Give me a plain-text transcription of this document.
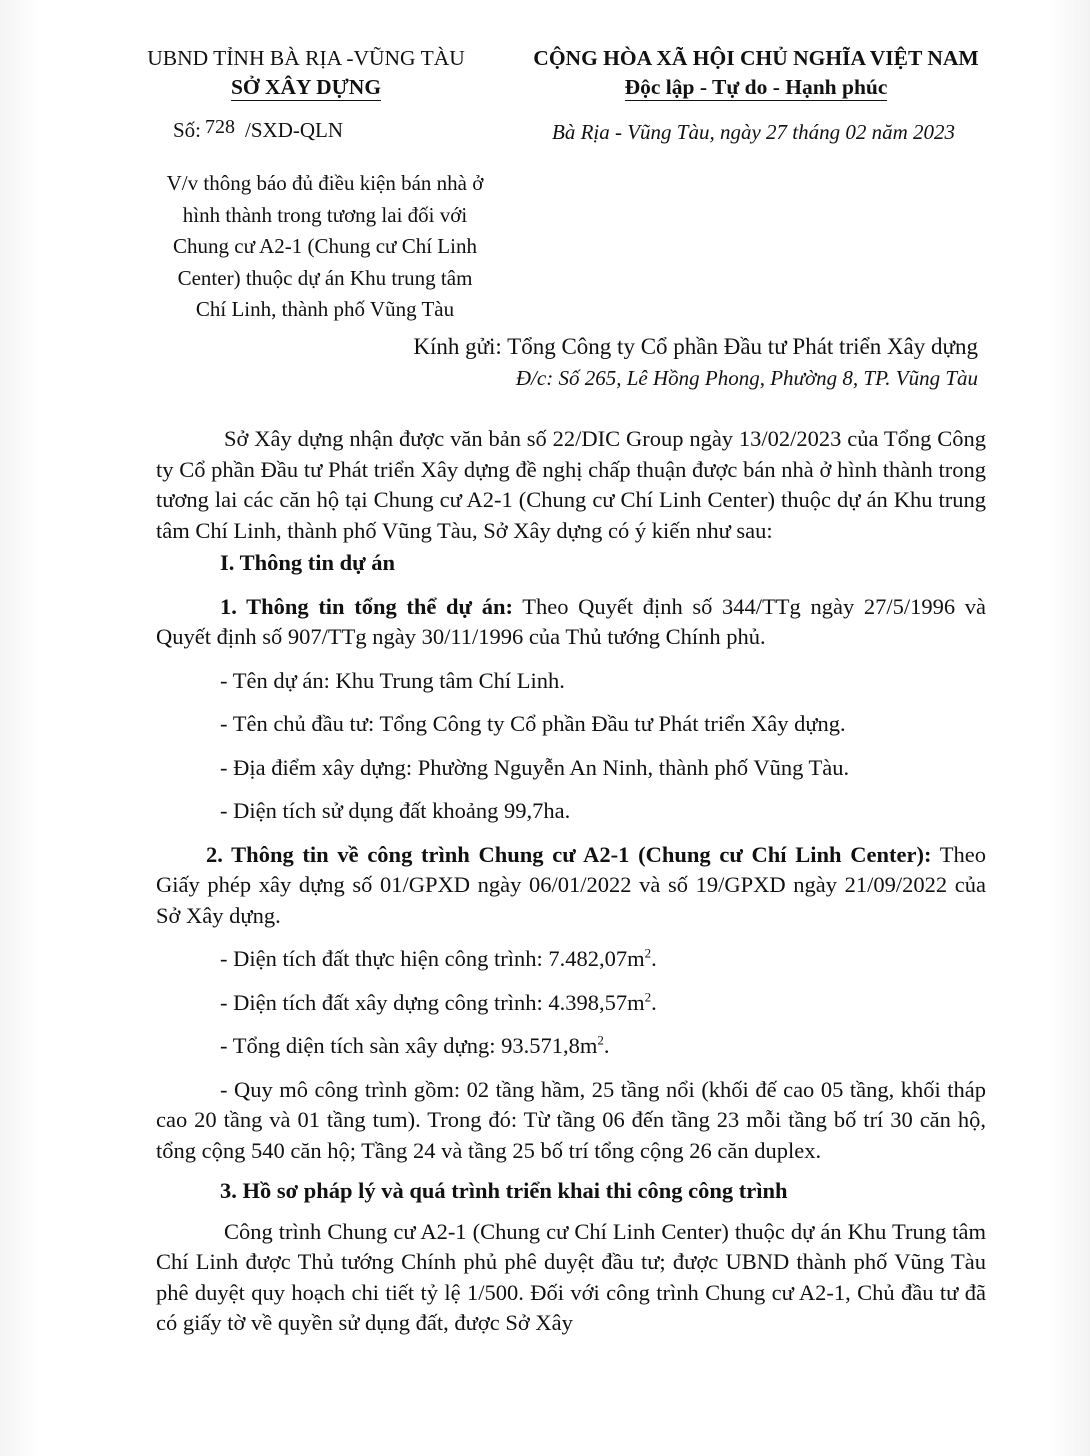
UBND TỈNH BÀ RỊA -VŨNG TÀU
SỞ XÂY DỰNG
CỘNG HÒA XÃ HỘI CHỦ NGHĨA VIỆT NAM
Độc lập - Tự do - Hạnh phúc
Số: 728 /SXD-QLN	Bà Rịa - Vũng Tàu, ngày 27 tháng 02 năm 2023
V/v thông báo đủ điều kiện bán nhà ở
hình thành trong tương lai đối với
Chung cư A2-1 (Chung cư Chí Linh
Center) thuộc dự án Khu trung tâm
Chí Linh, thành phố Vũng Tàu
Kính gửi: Tổng Công ty Cổ phần Đầu tư Phát triển Xây dựng
Đ/c: Số 265, Lê Hồng Phong, Phường 8, TP. Vũng Tàu

Sở Xây dựng nhận được văn bản số 22/DIC Group ngày 13/02/2023 của Tổng Công ty Cổ phần Đầu tư Phát triển Xây dựng đề nghị chấp thuận được bán nhà ở hình thành trong tương lai các căn hộ tại Chung cư A2-1 (Chung cư Chí Linh Center) thuộc dự án Khu trung tâm Chí Linh, thành phố Vũng Tàu, Sở Xây dựng có ý kiến như sau:

I. Thông tin dự án

1. Thông tin tổng thể dự án: Theo Quyết định số 344/TTg ngày 27/5/1996 và Quyết định số 907/TTg ngày 30/11/1996 của Thủ tướng Chính phủ.

- Tên dự án: Khu Trung tâm Chí Linh.

- Tên chủ đầu tư: Tổng Công ty Cổ phần Đầu tư Phát triển Xây dựng.

- Địa điểm xây dựng: Phường Nguyễn An Ninh, thành phố Vũng Tàu.

- Diện tích sử dụng đất khoảng 99,7ha.

2. Thông tin về công trình Chung cư A2-1 (Chung cư Chí Linh Center): Theo Giấy phép xây dựng số 01/GPXD ngày 06/01/2022 và số 19/GPXD ngày 21/09/2022 của Sở Xây dựng.

- Diện tích đất thực hiện công trình: $7.482,07m^2$.

- Diện tích đất xây dựng công trình: $4.398,57m^2$.

- Tổng diện tích sàn xây dựng: $93.571,8m^2$.

- Quy mô công trình gồm: 02 tầng hầm, 25 tầng nổi (khối đế cao 05 tầng, khối tháp cao 20 tầng và 01 tầng tum). Trong đó: Từ tầng 06 đến tầng 23 mỗi tầng bố trí 30 căn hộ, tổng cộng 540 căn hộ; Tầng 24 và tầng 25 bố trí tổng cộng 26 căn duplex.

3. Hồ sơ pháp lý và quá trình triển khai thi công công trình

Công trình Chung cư A2-1 (Chung cư Chí Linh Center) thuộc dự án Khu Trung tâm Chí Linh được Thủ tướng Chính phủ phê duyệt đầu tư; được UBND thành phố Vũng Tàu phê duyệt quy hoạch chi tiết tỷ lệ 1/500. Đối với công trình Chung cư A2-1, Chủ đầu tư đã có giấy tờ về quyền sử dụng đất, được Sở Xây
